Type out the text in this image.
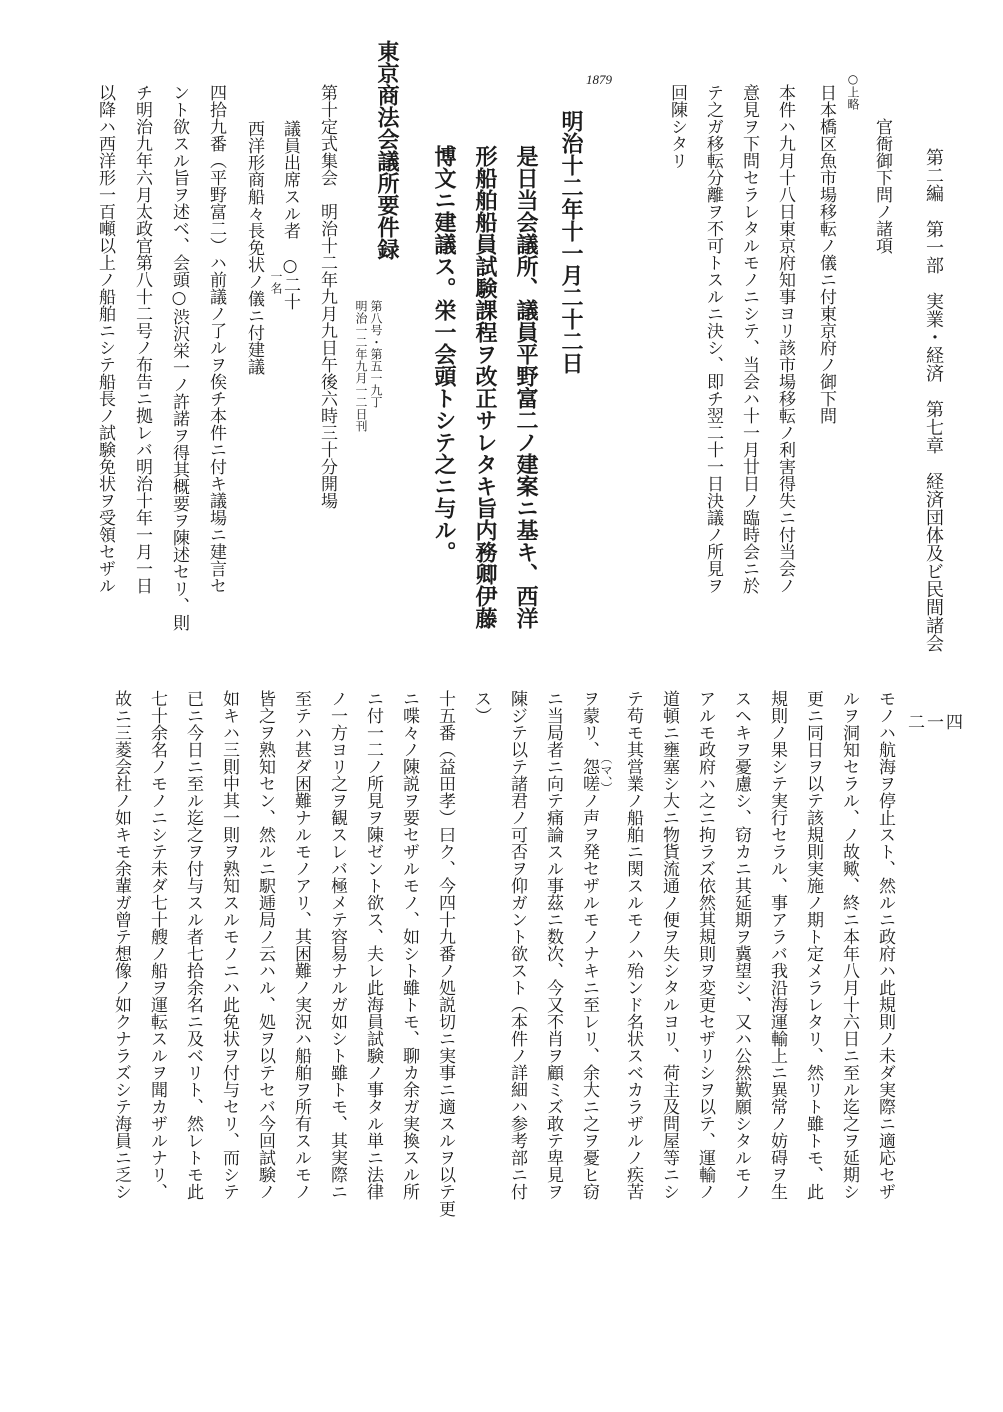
第二編　第一部　実業・経済　第七章　経済団体及ビ民間諸会
二一四
官衙御下問ノ諸項
○上略
日本橋区魚市場移転ノ儀ニ付東京府ノ御下問
本件ハ九月十八日東京府知事ヨリ該市場移転ノ利害得失ニ付当会ノ
意見ヲ下問セラレタルモノニシテ、当会ハ十一月廿日ノ臨時会ニ於
テ之ガ移転分離ヲ不可トスルニ決シ、即チ翌二十一日決議ノ所見ヲ
回陳シタリ
1879
明治十二年十一月二十二日
是日当会議所、議員平野富二ノ建案ニ基キ、西洋
形船舶船員試験課程ヲ改正サレタキ旨内務卿伊藤
博文ニ建議ス。栄一会頭トシテ之ニ与ル。
東京商法会議所要件録
第八号・第五一九丁
明治一二年九月一二日刊
第十定式集会　明治十二年九月九日午後六時三十分開場
議員出席スル者　○二十
一名
西洋形商船々長免状ノ儀ニ付建議
四拾九番（平野富二）ハ前議ノ了ルヲ俟チ本件ニ付キ議場ニ建言セ
ント欲スル旨ヲ述ベ、会頭○渋沢栄一ノ許諾ヲ得其概要ヲ陳述セリ、則
チ明治九年六月太政官第八十二号ノ布告ニ拠レバ明治十年一月一日
以降ハ西洋形一百噸以上ノ船舶ニシテ船長ノ試験免状ヲ受領セザル
モノハ航海ヲ停止スト、然ルニ政府ハ此規則ノ未ダ実際ニ適応セザ
ルヲ洞知セラル、ノ故歟、終ニ本年八月十六日ニ至ル迄之ヲ延期シ
更ニ同日ヲ以テ該規則実施ノ期ト定メラレタリ、然リト雖トモ、此
規則ノ果シテ実行セラル、事アラバ我沿海運輸上ニ異常ノ妨碍ヲ生
スヘキヲ憂慮シ、窃カニ其延期ヲ冀望シ、又ハ公然歎願シタルモノ
アルモ政府ハ之ニ拘ラズ依然其規則ヲ変更セザリシヲ以テ、運輸ノ
道頓ニ壅塞シ大ニ物貨流通ノ便ヲ失シタルヨリ、荷主及問屋等ニシ
テ苟モ其営業ノ船舶ニ関スルモノハ殆ンド名状スベカラザルノ疾苦
（マ、）
ヲ蒙リ、怨嗟ノ声ヲ発セザルモノナキニ至レリ、余大ニ之ヲ憂ヒ窃
ニ当局者ニ向テ痛論スル事茲ニ数次、今又不肖ヲ顧ミズ敢テ卑見ヲ
陳ジテ以テ諸君ノ可否ヲ仰ガント欲スト（本件ノ詳細ハ参考部ニ付
ス）
十五番（益田孝）曰ク、今四十九番ノ処説切ニ実事ニ適スルヲ以テ更
ニ喋々ノ陳説ヲ要セザルモノ、如シト雖トモ、聊カ余ガ実換スル所
ニ付一二ノ所見ヲ陳ゼント欲ス、夫レ此海員試験ノ事タル単ニ法律
ノ一方ヨリ之ヲ観スレバ極メテ容易ナルガ如シト雖トモ、其実際ニ
至テハ甚ダ困難ナルモノアリ、其困難ノ実況ハ船舶ヲ所有スルモノ
皆之ヲ熟知セン、然ルニ駅逓局ノ云ハル、処ヲ以テセバ今回試験ノ
如キハ三則中其一則ヲ熟知スルモノニハ此免状ヲ付与セリ、而シテ
已ニ今日ニ至ル迄之ヲ付与スル者七拾余名ニ及ベリト、然レトモ此
七十余名ノモノニシテ未ダ七十艘ノ船ヲ運転スルヲ聞カザルナリ、
故ニ三菱会社ノ如キモ余輩ガ曾テ想像ノ如クナラズシテ海員ニ乏シ
